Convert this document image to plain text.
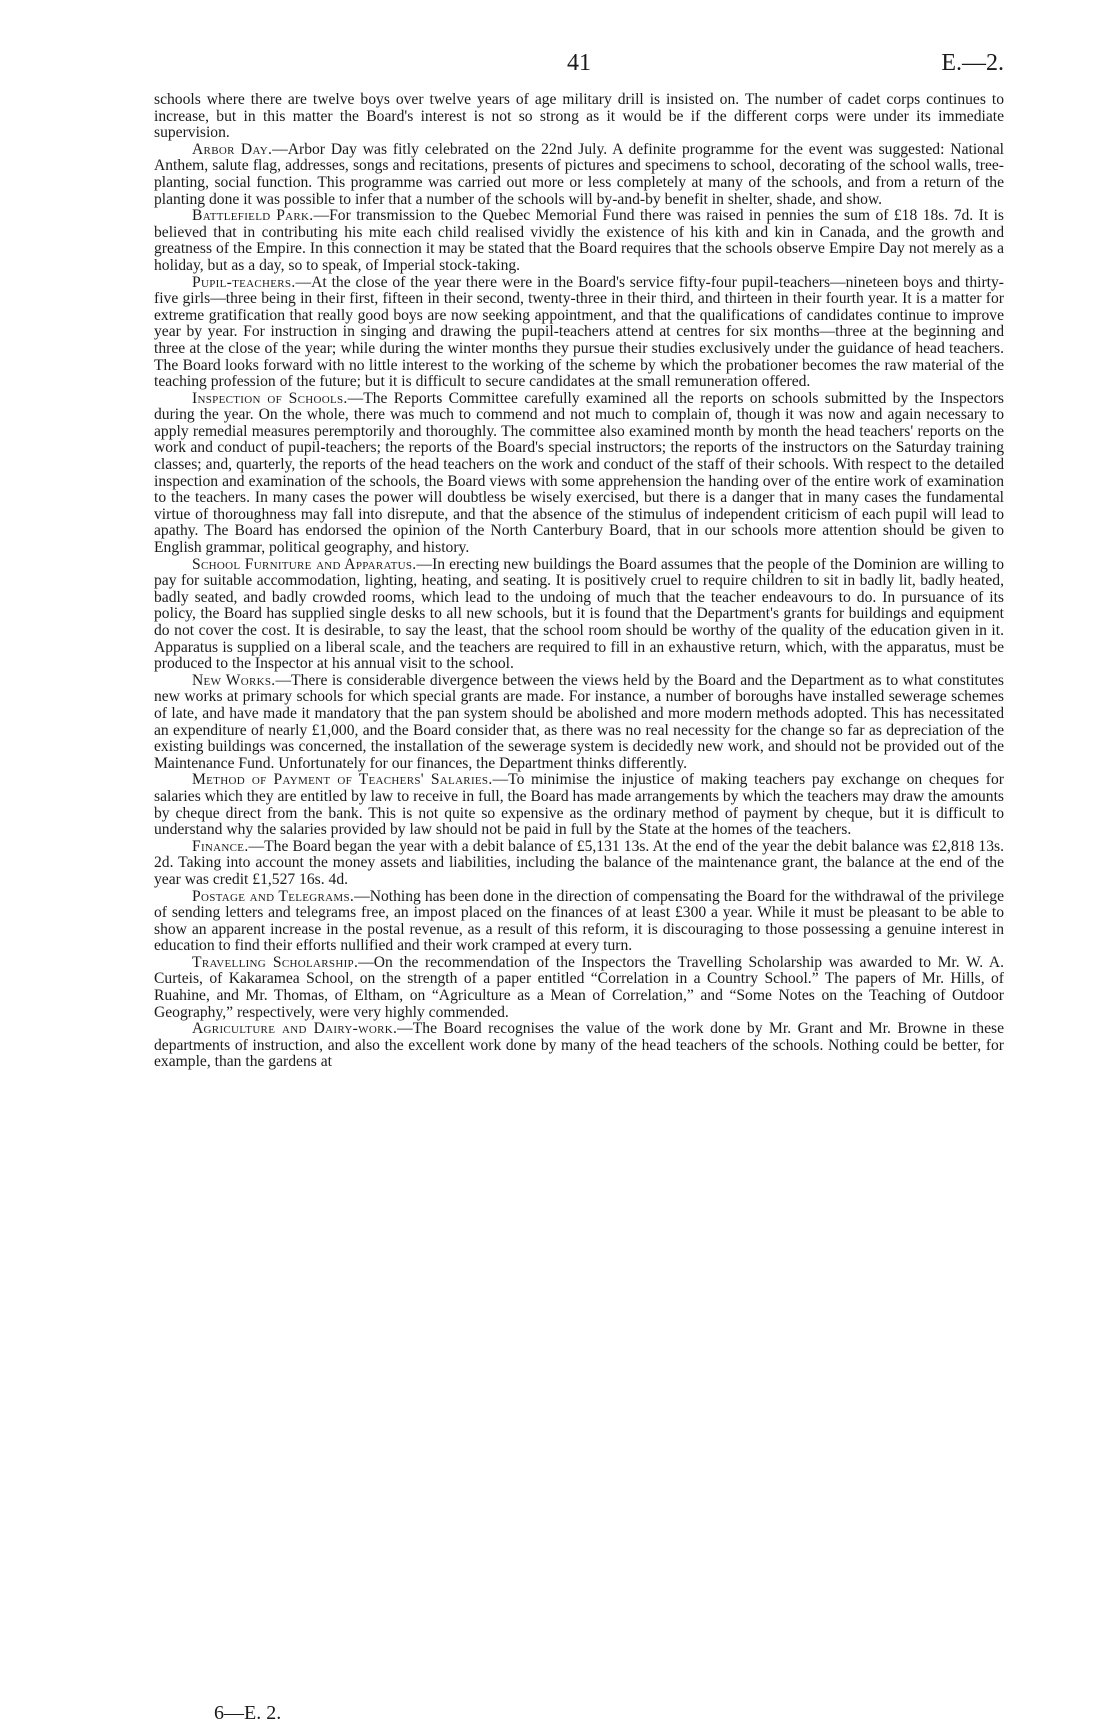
41	E.—2.

schools where there are twelve boys over twelve years of age military drill is insisted on. The number of cadet corps continues to increase, but in this matter the Board's interest is not so strong as it would be if the different corps were under its immediate supervision.

Arbor Day.—Arbor Day was fitly celebrated on the 22nd July. A definite programme for the event was suggested: National Anthem, salute flag, addresses, songs and recitations, presents of pictures and specimens to school, decorating of the school walls, tree-planting, social function. This programme was carried out more or less completely at many of the schools, and from a return of the planting done it was possible to infer that a number of the schools will by-and-by benefit in shelter, shade, and show.

Battlefield Park.—For transmission to the Quebec Memorial Fund there was raised in pennies the sum of £18 18s. 7d. It is believed that in contributing his mite each child realised vividly the existence of his kith and kin in Canada, and the growth and greatness of the Empire. In this connection it may be stated that the Board requires that the schools observe Empire Day not merely as a holiday, but as a day, so to speak, of Imperial stock-taking.

Pupil-teachers.—At the close of the year there were in the Board's service fifty-four pupil-teachers—nineteen boys and thirty-five girls—three being in their first, fifteen in their second, twenty-three in their third, and thirteen in their fourth year. It is a matter for extreme gratification that really good boys are now seeking appointment, and that the qualifications of candidates continue to improve year by year. For instruction in singing and drawing the pupil-teachers attend at centres for six months—three at the beginning and three at the close of the year; while during the winter months they pursue their studies exclusively under the guidance of head teachers. The Board looks forward with no little interest to the working of the scheme by which the probationer becomes the raw material of the teaching profession of the future; but it is difficult to secure candidates at the small remuneration offered.

Inspection of Schools.—The Reports Committee carefully examined all the reports on schools submitted by the Inspectors during the year. On the whole, there was much to commend and not much to complain of, though it was now and again necessary to apply remedial measures peremptorily and thoroughly. The committee also examined month by month the head teachers' reports on the work and conduct of pupil-teachers; the reports of the Board's special instructors; the reports of the instructors on the Saturday training classes; and, quarterly, the reports of the head teachers on the work and conduct of the staff of their schools. With respect to the detailed inspection and examination of the schools, the Board views with some apprehension the handing over of the entire work of examination to the teachers. In many cases the power will doubtless be wisely exercised, but there is a danger that in many cases the fundamental virtue of thoroughness may fall into disrepute, and that the absence of the stimulus of independent criticism of each pupil will lead to apathy. The Board has endorsed the opinion of the North Canterbury Board, that in our schools more attention should be given to English grammar, political geography, and history.

School Furniture and Apparatus.—In erecting new buildings the Board assumes that the people of the Dominion are willing to pay for suitable accommodation, lighting, heating, and seating. It is positively cruel to require children to sit in badly lit, badly heated, badly seated, and badly crowded rooms, which lead to the undoing of much that the teacher endeavours to do. In pursuance of its policy, the Board has supplied single desks to all new schools, but it is found that the Department's grants for buildings and equipment do not cover the cost. It is desirable, to say the least, that the school room should be worthy of the quality of the education given in it. Apparatus is supplied on a liberal scale, and the teachers are required to fill in an exhaustive return, which, with the apparatus, must be produced to the Inspector at his annual visit to the school.

New Works.—There is considerable divergence between the views held by the Board and the Department as to what constitutes new works at primary schools for which special grants are made. For instance, a number of boroughs have installed sewerage schemes of late, and have made it mandatory that the pan system should be abolished and more modern methods adopted. This has necessitated an expenditure of nearly £1,000, and the Board consider that, as there was no real necessity for the change so far as depreciation of the existing buildings was concerned, the installation of the sewerage system is decidedly new work, and should not be provided out of the Maintenance Fund. Unfortunately for our finances, the Department thinks differently.

Method of Payment of Teachers' Salaries.—To minimise the injustice of making teachers pay exchange on cheques for salaries which they are entitled by law to receive in full, the Board has made arrangements by which the teachers may draw the amounts by cheque direct from the bank. This is not quite so expensive as the ordinary method of payment by cheque, but it is difficult to understand why the salaries provided by law should not be paid in full by the State at the homes of the teachers.

Finance.—The Board began the year with a debit balance of £5,131 13s. At the end of the year the debit balance was £2,818 13s. 2d. Taking into account the money assets and liabilities, including the balance of the maintenance grant, the balance at the end of the year was credit £1,527 16s. 4d.

Postage and Telegrams.—Nothing has been done in the direction of compensating the Board for the withdrawal of the privilege of sending letters and telegrams free, an impost placed on the finances of at least £300 a year. While it must be pleasant to be able to show an apparent increase in the postal revenue, as a result of this reform, it is discouraging to those possessing a genuine interest in education to find their efforts nullified and their work cramped at every turn.

Travelling Scholarship.—On the recommendation of the Inspectors the Travelling Scholarship was awarded to Mr. W. A. Curteis, of Kakaramea School, on the strength of a paper entitled “Correlation in a Country School.” The papers of Mr. Hills, of Ruahine, and Mr. Thomas, of Eltham, on “Agriculture as a Mean of Correlation,” and “Some Notes on the Teaching of Outdoor Geography,” respectively, were very highly commended.

Agriculture and Dairy-work.—The Board recognises the value of the work done by Mr. Grant and Mr. Browne in these departments of instruction, and also the excellent work done by many of the head teachers of the schools. Nothing could be better, for example, than the gardens at

6—E. 2.
